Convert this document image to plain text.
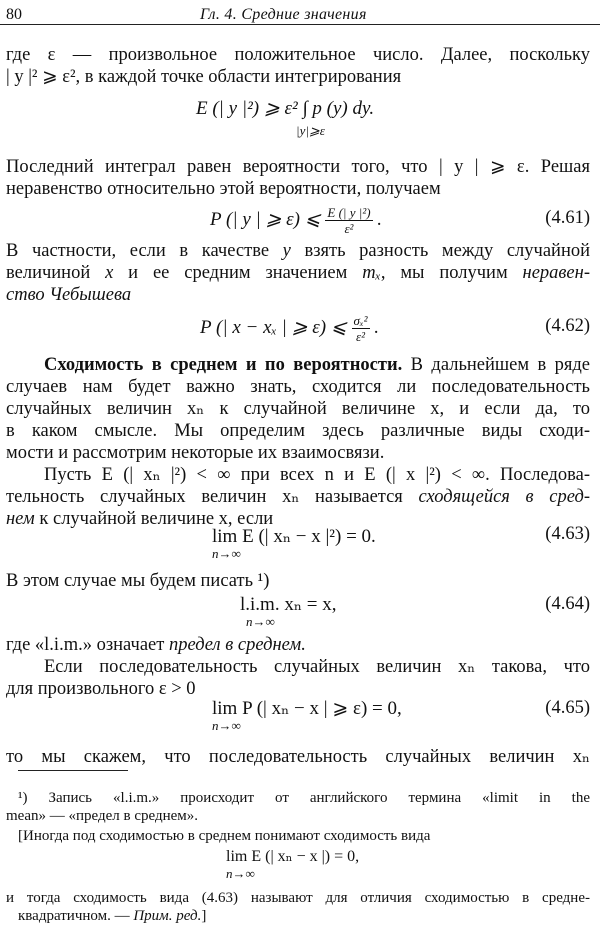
80	Гл. 4. Средние значения
где ε — произвольное положительное число. Далее, поскольку
| y |² ⩾ ε², в каждой точке области интегрирования
E (| y |²) ⩾ ε² ∫ p (y) dy.
|y|⩾ε
Последний интеграл равен вероятности того, что | y | ⩾ ε. Решая
неравенство относительно этой вероятности, получаем
P (| y | ⩾ ε) ⩽ $\frac{\text{E (| y |²)}}{\text{ε²}}$ .	(4.61)
В частности, если в качестве y взять разность между случайной
величиной x и ее средним значением mₓ, мы получим неравен-
ство Чебышева
P (| x − xₓ | ⩾ ε) ⩽ $\frac{\text{σₓ²}}{\text{ε²}}$ .	(4.62)
Сходимость в среднем и по вероятности. В дальнейшем в ряде
случаев нам будет важно знать, сходится ли последовательность
случайных величин xₙ к случайной величине x, и если да, то
в каком смысле. Мы определим здесь различные виды сходи-
мости и рассмотрим некоторые их взаимосвязи.
Пусть E (| xₙ |²) < ∞ при всех n и E (| x |²) < ∞. Последова-
тельность случайных величин xₙ называется сходящейся в сред-
нем к случайной величине x, если
lim E (| xₙ − x |²) = 0.
n→∞
(4.63)
В этом случае мы будем писать ¹)
l.i.m. xₙ = x,
n→∞
(4.64)
где «l.i.m.» означает предел в среднем.
Если последовательность случайных величин xₙ такова, что
для произвольного ε > 0
lim P (| xₙ − x | ⩾ ε) = 0,
n→∞
(4.65)
то мы скажем, что последовательность случайных величин xₙ
¹) Запись «l.i.m.» происходит от английского термина «limit in the
mean» — «предел в среднем».
[Иногда под сходимостью в среднем понимают сходимость вида
lim E (| xₙ − x |) = 0,
n→∞
и тогда сходимость вида (4.63) называют для отличия сходимостью в средне-
квадратичном. — Прим. ред.]
